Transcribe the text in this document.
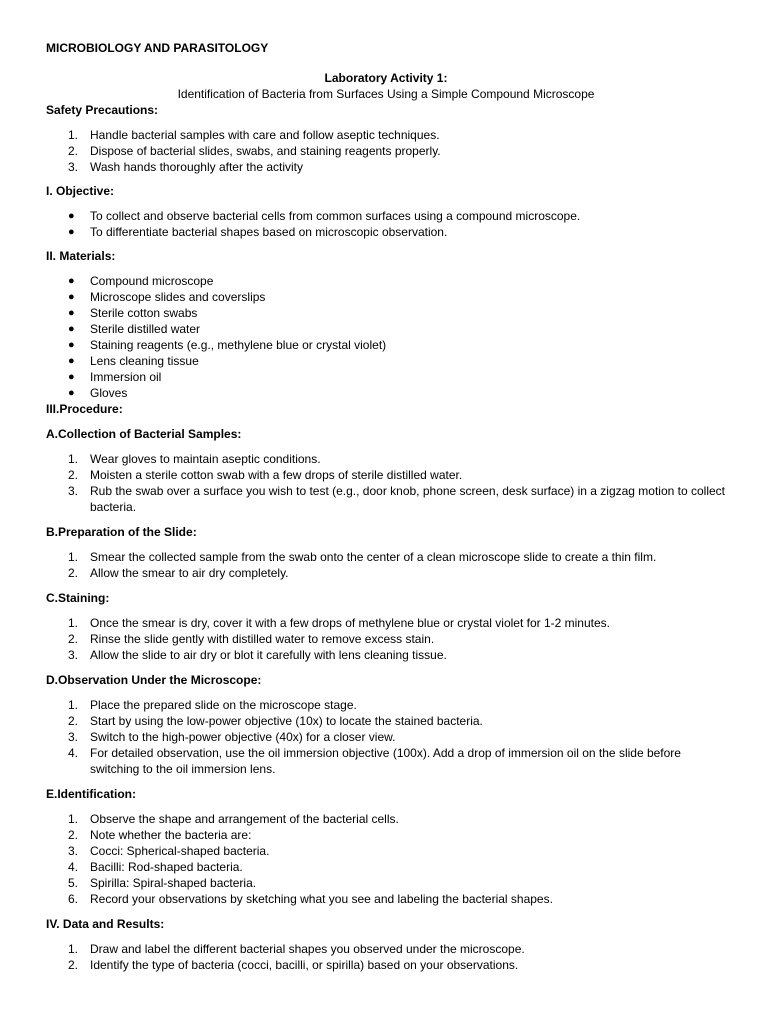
MICROBIOLOGY AND PARASITOLOGY
Laboratory Activity 1:
Identification of Bacteria from Surfaces Using a Simple Compound Microscope
Safety Precautions:
1. Handle bacterial samples with care and follow aseptic techniques.
2. Dispose of bacterial slides, swabs, and staining reagents properly.
3. Wash hands thoroughly after the activity
I. Objective:
●	To collect and observe bacterial cells from common surfaces using a compound microscope.
●	To differentiate bacterial shapes based on microscopic observation.
II. Materials:
●	Compound microscope
●	Microscope slides and coverslips
●	Sterile cotton swabs
●	Sterile distilled water
●	Staining reagents (e.g., methylene blue or crystal violet)
●	Lens cleaning tissue
●	Immersion oil
●	Gloves
III.Procedure:
A.Collection of Bacterial Samples:
1. Wear gloves to maintain aseptic conditions.
2. Moisten a sterile cotton swab with a few drops of sterile distilled water.
3. Rub the swab over a surface you wish to test (e.g., door knob, phone screen, desk surface) in a zigzag motion to collect bacteria.
B.Preparation of the Slide:
1. Smear the collected sample from the swab onto the center of a clean microscope slide to create a thin film.
2. Allow the smear to air dry completely.
C.Staining:
1. Once the smear is dry, cover it with a few drops of methylene blue or crystal violet for 1-2 minutes.
2. Rinse the slide gently with distilled water to remove excess stain.
3. Allow the slide to air dry or blot it carefully with lens cleaning tissue.
D.Observation Under the Microscope:
1. Place the prepared slide on the microscope stage.
2. Start by using the low-power objective (10x) to locate the stained bacteria.
3. Switch to the high-power objective (40x) for a closer view.
4. For detailed observation, use the oil immersion objective (100x). Add a drop of immersion oil on the slide before switching to the oil immersion lens.
E.Identification:
1. Observe the shape and arrangement of the bacterial cells.
2. Note whether the bacteria are:
3. Cocci: Spherical-shaped bacteria.
4. Bacilli: Rod-shaped bacteria.
5. Spirilla: Spiral-shaped bacteria.
6. Record your observations by sketching what you see and labeling the bacterial shapes.
IV. Data and Results:
1. Draw and label the different bacterial shapes you observed under the microscope.
2. Identify the type of bacteria (cocci, bacilli, or spirilla) based on your observations.
